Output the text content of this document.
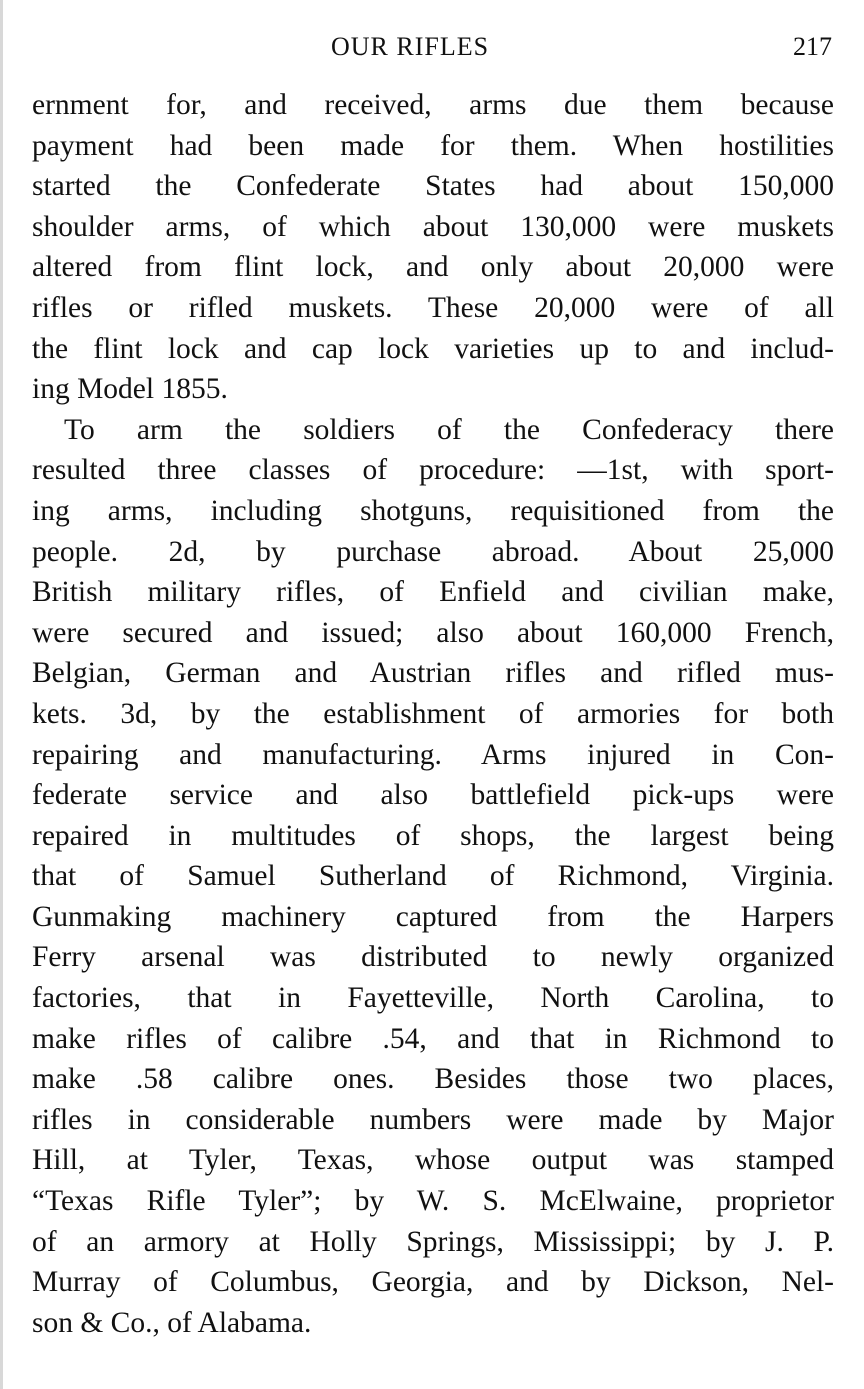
OUR RIFLES	217
ernment for, and received, arms due them because
payment had been made for them. When hostilities
started the Confederate States had about 150,000
shoulder arms, of which about 130,000 were muskets
altered from flint lock, and only about 20,000 were
rifles or rifled muskets. These 20,000 were of all
the flint lock and cap lock varieties up to and includ-
ing Model 1855.
To arm the soldiers of the Confederacy there
resulted three classes of procedure: —1st, with sport-
ing arms, including shotguns, requisitioned from the
people. 2d, by purchase abroad. About 25,000
British military rifles, of Enfield and civilian make,
were secured and issued; also about 160,000 French,
Belgian, German and Austrian rifles and rifled mus-
kets. 3d, by the establishment of armories for both
repairing and manufacturing. Arms injured in Con-
federate service and also battlefield pick-ups were
repaired in multitudes of shops, the largest being
that of Samuel Sutherland of Richmond, Virginia.
Gunmaking machinery captured from the Harpers
Ferry arsenal was distributed to newly organized
factories, that in Fayetteville, North Carolina, to
make rifles of calibre .54, and that in Richmond to
make .58 calibre ones. Besides those two places,
rifles in considerable numbers were made by Major
Hill, at Tyler, Texas, whose output was stamped
“Texas Rifle Tyler”; by W. S. McElwaine, proprietor
of an armory at Holly Springs, Mississippi; by J. P.
Murray of Columbus, Georgia, and by Dickson, Nel-
son & Co., of Alabama.
